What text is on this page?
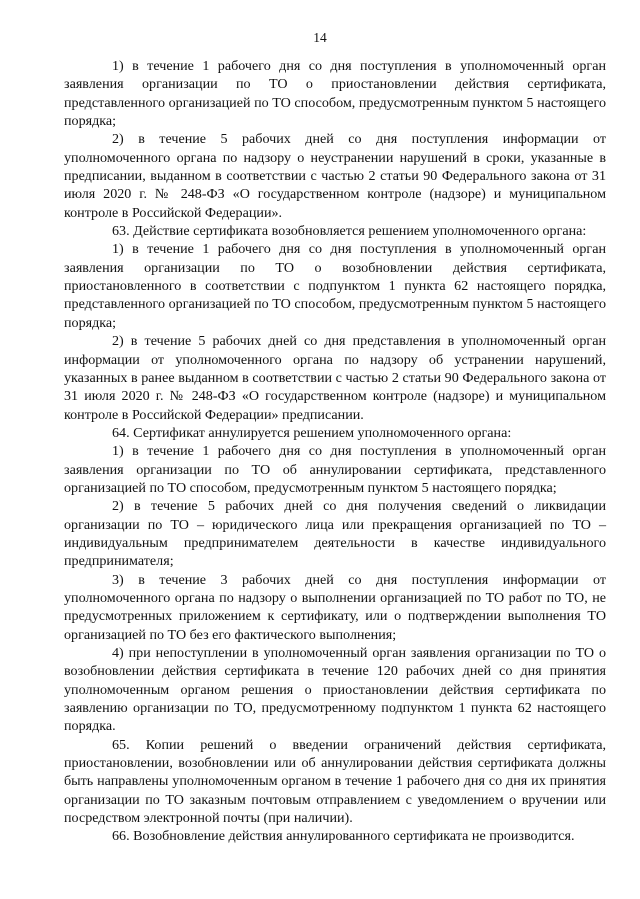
14

1) в течение 1 рабочего дня со дня поступления в уполномоченный орган заявления организации по ТО о приостановлении действия сертификата, представленного организацией по ТО способом, предусмотренным пунктом 5 настоящего порядка;

2) в течение 5 рабочих дней со дня поступления информации от уполномоченного органа по надзору о неустранении нарушений в сроки, указанные в предписании, выданном в соответствии с частью 2 статьи 90 Федерального закона от 31 июля 2020 г. № 248-ФЗ «О государственном контроле (надзоре) и муниципальном контроле в Российской Федерации».

63. Действие сертификата возобновляется решением уполномоченного органа:

1) в течение 1 рабочего дня со дня поступления в уполномоченный орган заявления организации по ТО о возобновлении действия сертификата, приостановленного в соответствии с подпунктом 1 пункта 62 настоящего порядка, представленного организацией по ТО способом, предусмотренным пунктом 5 настоящего порядка;

2) в течение 5 рабочих дней со дня представления в уполномоченный орган информации от уполномоченного органа по надзору об устранении нарушений, указанных в ранее выданном в соответствии с частью 2 статьи 90 Федерального закона от 31 июля 2020 г. № 248-ФЗ «О государственном контроле (надзоре) и муниципальном контроле в Российской Федерации» предписании.

64. Сертификат аннулируется решением уполномоченного органа:

1) в течение 1 рабочего дня со дня поступления в уполномоченный орган заявления организации по ТО об аннулировании сертификата, представленного организацией по ТО способом, предусмотренным пунктом 5 настоящего порядка;

2) в течение 5 рабочих дней со дня получения сведений о ликвидации организации по ТО – юридического лица или прекращения организацией по ТО – индивидуальным предпринимателем деятельности в качестве индивидуального предпринимателя;

3) в течение 3 рабочих дней со дня поступления информации от уполномоченного органа по надзору о выполнении организацией по ТО работ по ТО, не предусмотренных приложением к сертификату, или о подтверждении выполнения ТО организацией по ТО без его фактического выполнения;

4) при непоступлении в уполномоченный орган заявления организации по ТО о возобновлении действия сертификата в течение 120 рабочих дней со дня принятия уполномоченным органом решения о приостановлении действия сертификата по заявлению организации по ТО, предусмотренному подпунктом 1 пункта 62 настоящего порядка.

65. Копии решений о введении ограничений действия сертификата, приостановлении, возобновлении или об аннулировании действия сертификата должны быть направлены уполномоченным органом в течение 1 рабочего дня со дня их принятия организации по ТО заказным почтовым отправлением с уведомлением о вручении или посредством электронной почты (при наличии).

66. Возобновление действия аннулированного сертификата не производится.
